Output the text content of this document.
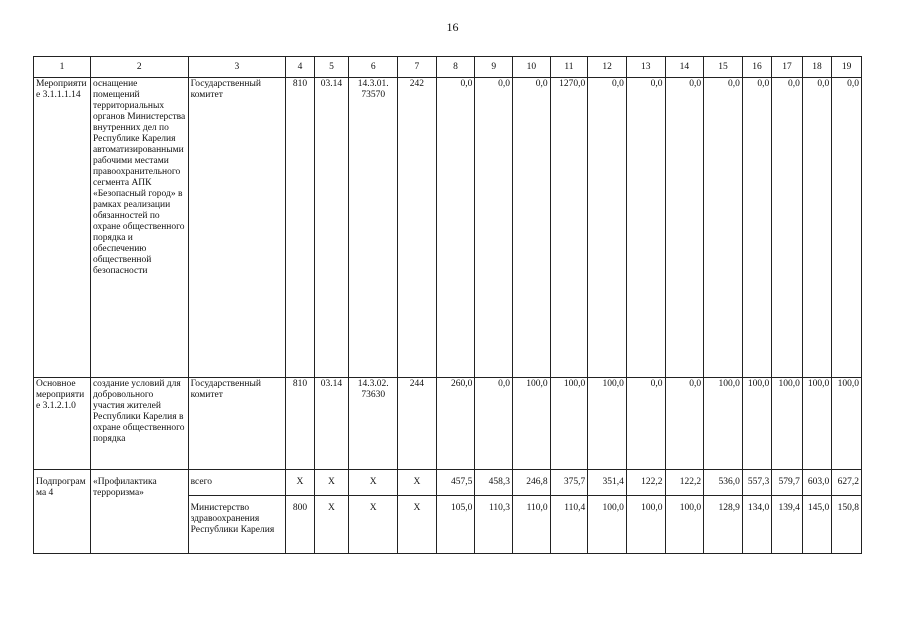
16
1	2	3	4	5	6	7	8	9	10	11	12	13	14	15	16	17	18	19
Мероприятие 3.1.1.1.14	оснащение помещений территориальных органов Министерства внутренних дел по Республике Карелия автоматизированными рабочими местами правоохранительного сегмента АПК «Безопасный город» в рамках реализации обязанностей по охране общественного порядка и обеспечению общественной безопасности	Государственный комитет	810	03.14	14.3.01. 73570	242	0,0	0,0	0,0	1270,0	0,0	0,0	0,0	0,0	0,0	0,0	0,0	0,0
Основное мероприятие 3.1.2.1.0	создание условий для добровольного участия жителей Республики Карелия в охране общественного порядка	Государственный комитет	810	03.14	14.3.02. 73630	244	260,0	0,0	100,0	100,0	100,0	0,0	0,0	100,0	100,0	100,0	100,0	100,0
Подпрограмма 4	«Профилактика терроризма»	всего	X	X	X	X	457,5	458,3	246,8	375,7	351,4	122,2	122,2	536,0	557,3	579,7	603,0	627,2
		Министерство здравоохранения Республики Карелия	800	X	X	X	105,0	110,3	110,0	110,4	100,0	100,0	100,0	128,9	134,0	139,4	145,0	150,8
